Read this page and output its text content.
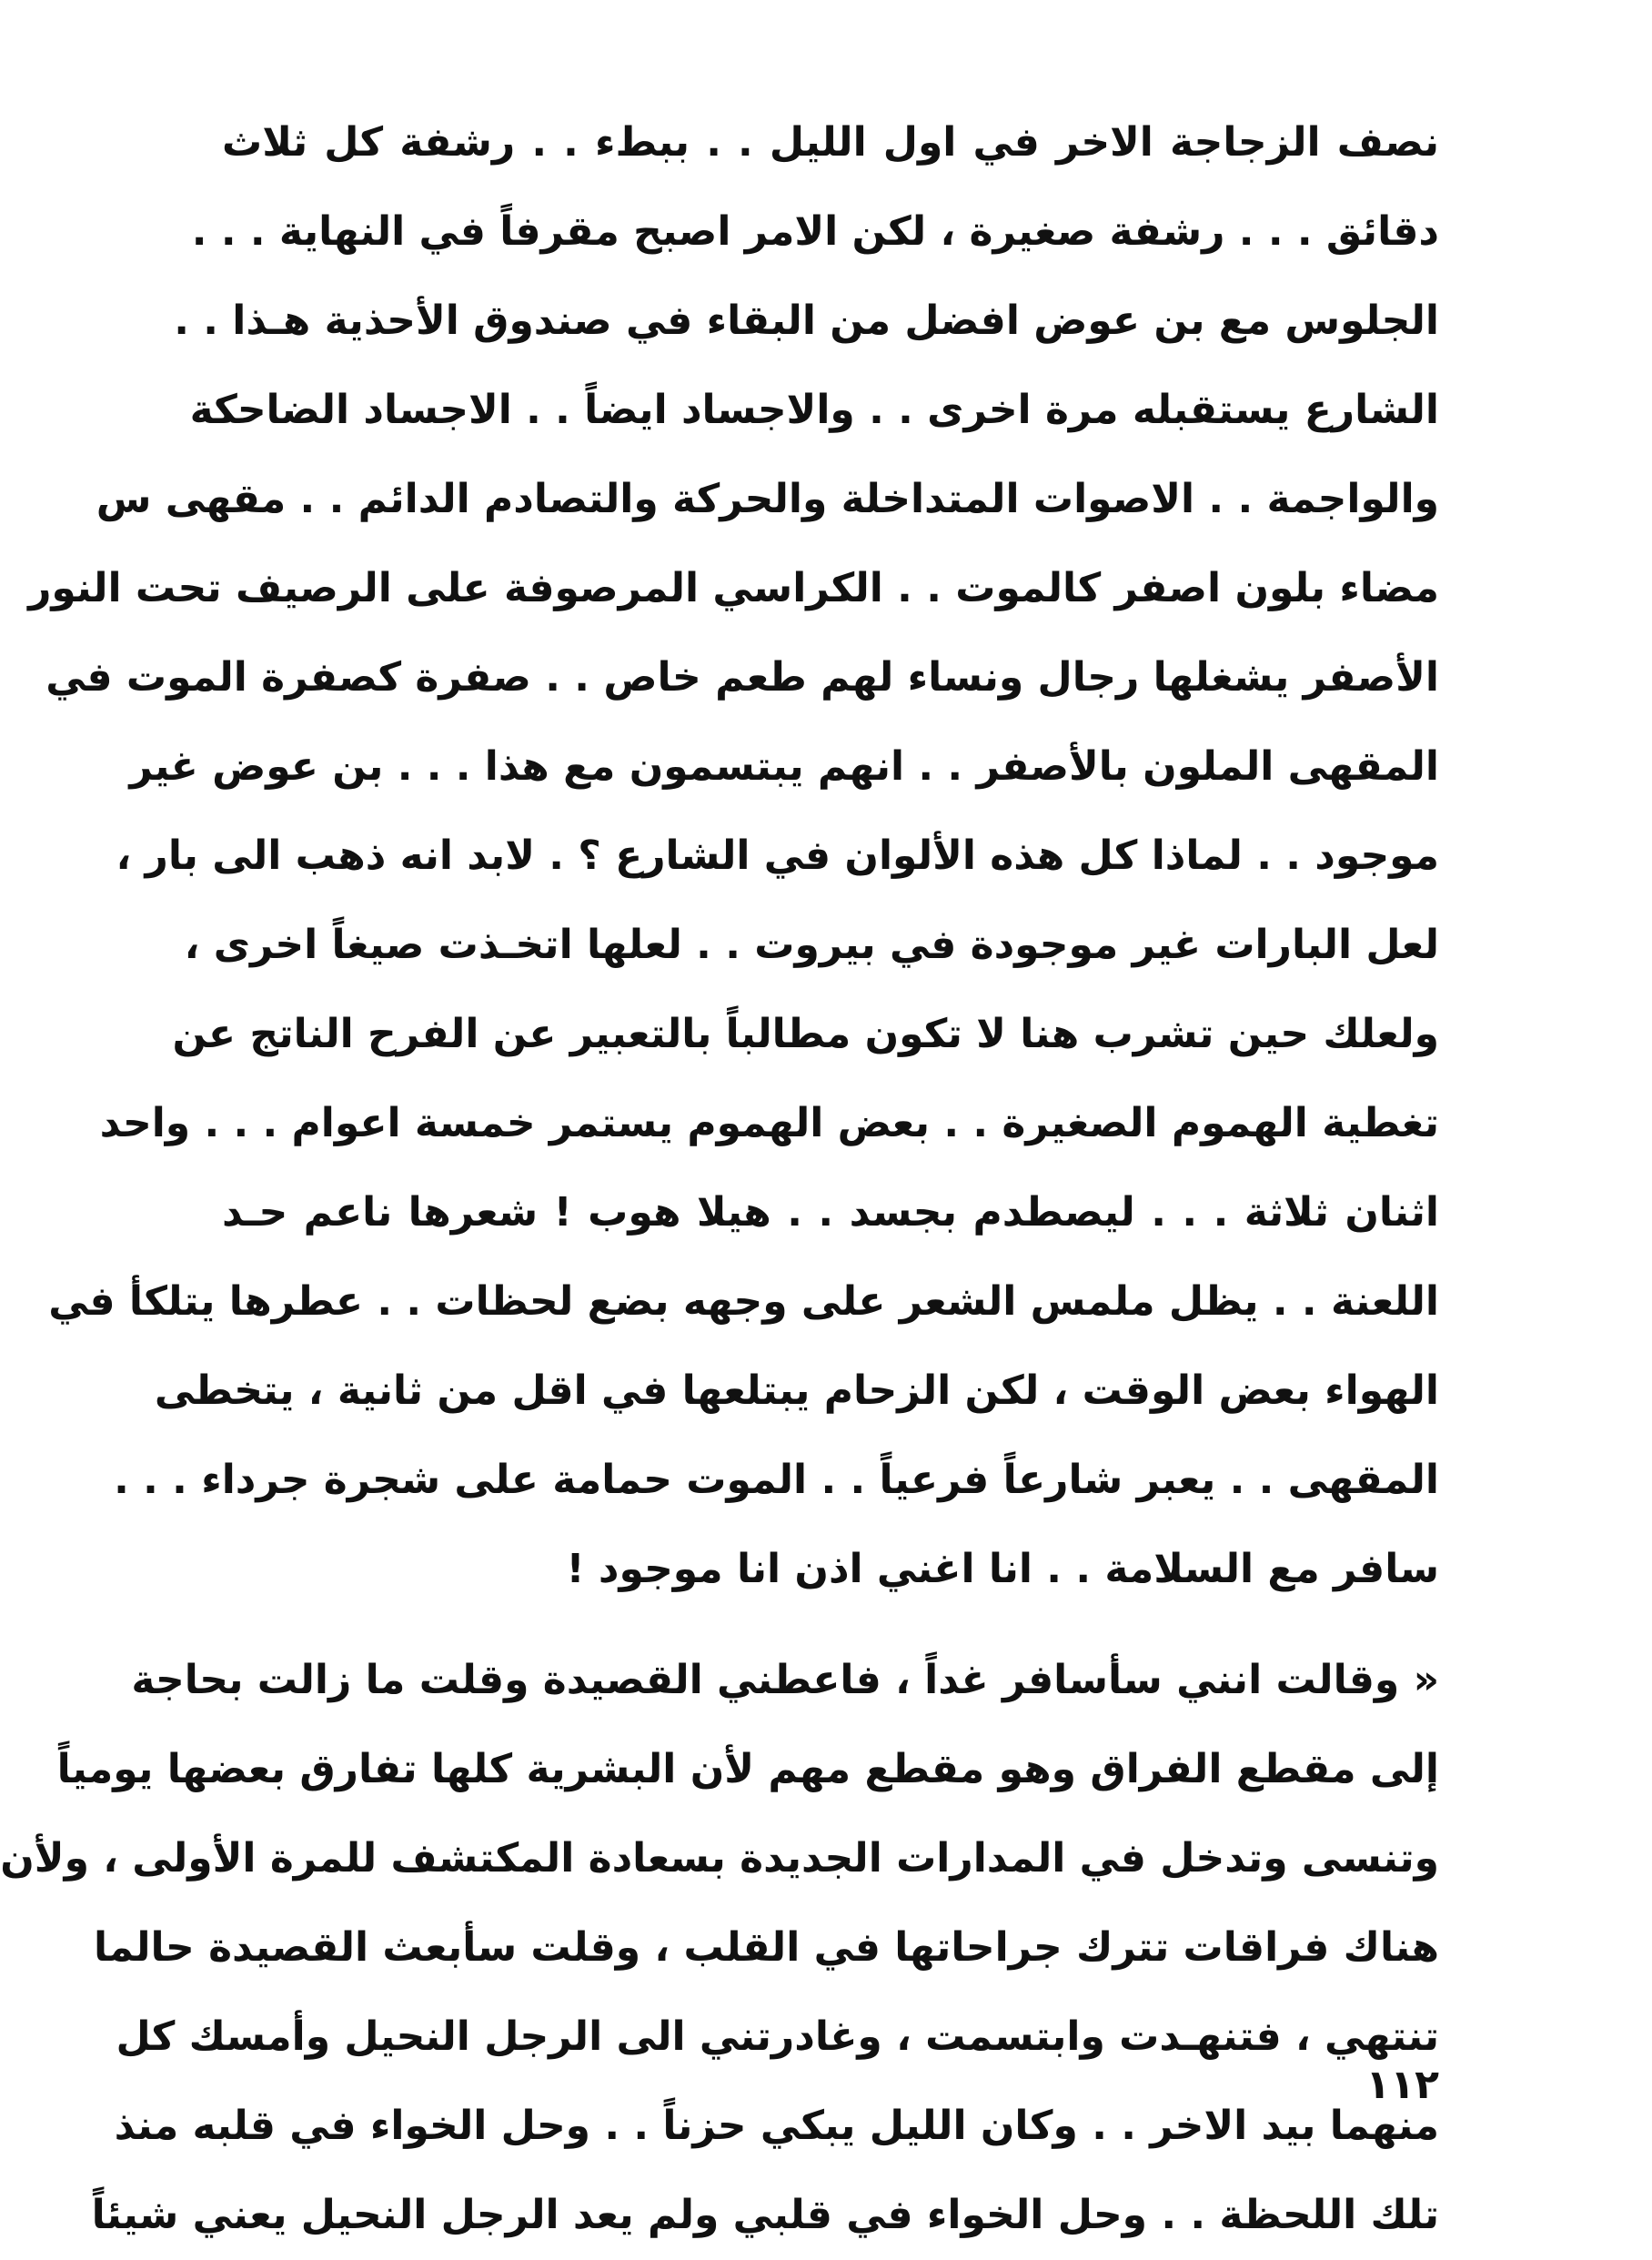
نصف الزجاجة الاخر في اول الليل . . ببطء . . رشفة كل ثلاث
دقائق . . . رشفة صغيرة ، لكن الامر اصبح مقرفاً في النهاية . . .
الجلوس مع بن عوض افضل من البقاء في صندوق الأحذية هـذا . .
الشارع يستقبله مرة اخرى . . والاجساد ايضاً . . الاجساد الضاحكة
والواجمة . . الاصوات المتداخلة والحركة والتصادم الدائم . . مقهى س
مضاء بلون اصفر كالموت . . الكراسي المرصوفة على الرصيف تحت النور
الأصفر يشغلها رجال ونساء لهم طعم خاص . . صفرة كصفرة الموت في
المقهى الملون بالأصفر . . انهم يبتسمون مع هذا . . . بن عوض غير
موجود . . لماذا كل هذه الألوان في الشارع ؟ . لابد انه ذهب الى بار ،
لعل البارات غير موجودة في بيروت . . لعلها اتخـذت صيغاً اخرى ،
ولعلك حين تشرب هنا لا تكون مطالباً بالتعبير عن الفرح الناتج عن
تغطية الهموم الصغيرة . . بعض الهموم يستمر خمسة اعوام . . . واحد
اثنان ثلاثة . . . ليصطدم بجسد . . هيلا هوب ! شعرها ناعم حـد
اللعنة . . يظل ملمس الشعر على وجهه بضع لحظات . . عطرها يتلكأ في
الهواء بعض الوقت ، لكن الزحام يبتلعها في اقل من ثانية ، يتخطى
المقهى . . يعبر شارعاً فرعياً . . الموت حمامة على شجرة جرداء . . .
سافر مع السلامة . . انا اغني اذن انا موجود !
« وقالت انني سأسافر غداً ، فاعطني القصيدة وقلت ما زالت بحاجة
إلى مقطع الفراق وهو مقطع مهم لأن البشرية كلها تفارق بعضها يومياً
وتنسى وتدخل في المدارات الجديدة بسعادة المكتشف للمرة الأولى ، ولأن
هناك فراقات تترك جراحاتها في القلب ، وقلت سأبعث القصيدة حالما
تنتهي ، فتنهـدت وابتسمت ، وغادرتني الى الرجل النحيل وأمسك كل
منهما بيد الاخر . . وكان الليل يبكي حزناً . . وحل الخواء في قلبه منذ
تلك اللحظة . . وحل الخواء في قلبي ولم يعد الرجل النحيل يعني شيئاً
١١٢
